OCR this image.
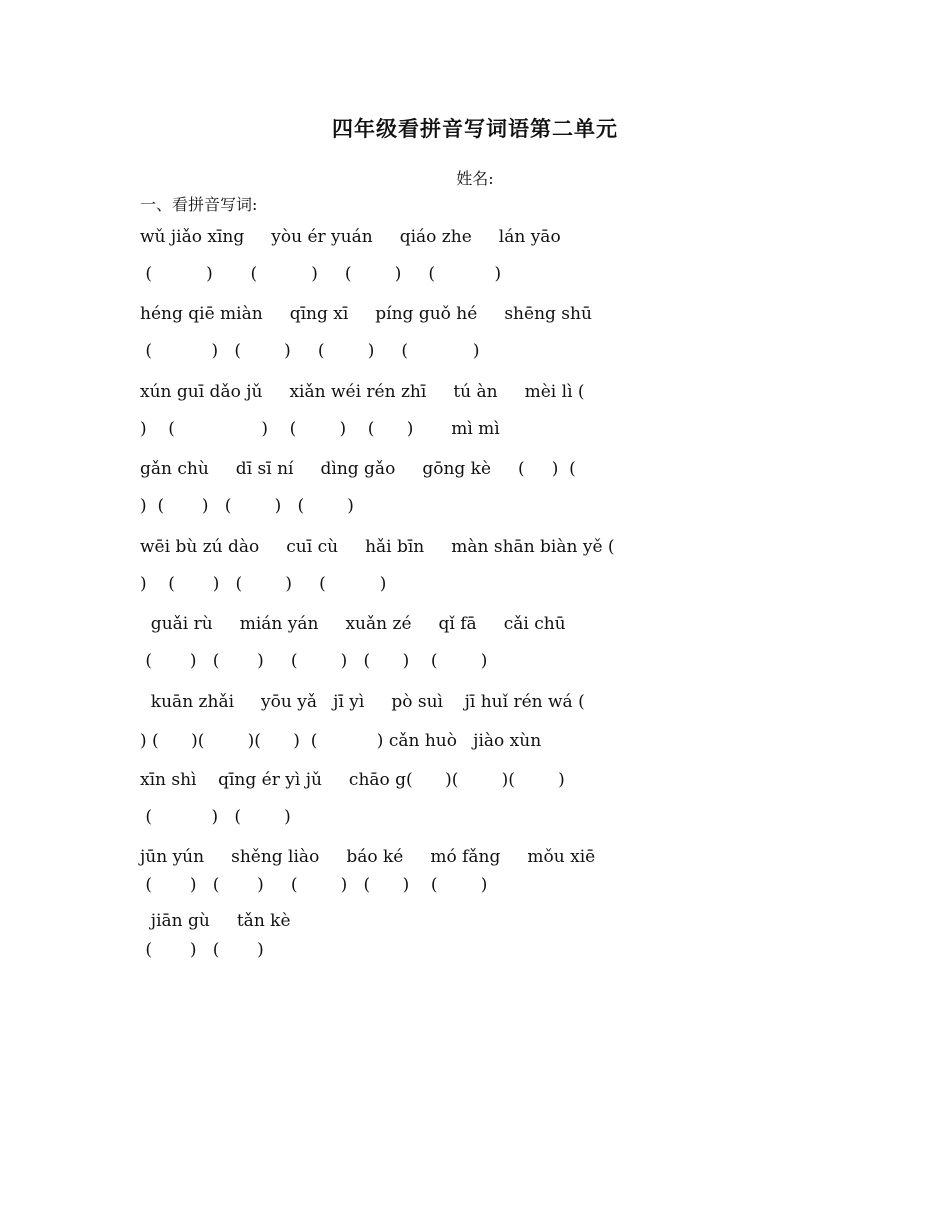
四年级看拼音写词语第二单元
姓名:
一、看拼音写词:
wǔ jiǎo xīng     yòu ér yuán     qiáo zhe     lán yāo
(          )       (          )     (        )     (           )
héng qiē miàn     qīng xī     píng guǒ hé     shēng shū
(           )   (        )     (        )     (            )
xún guī dǎo jǔ     xiǎn wéi rén zhī     tú àn     mèi lì (
)    (                )    (        )    (      )       mì mì
gǎn chù     dī sī ní     dìng gǎo     gōng kè     (     )  (
)  (       )   (        )   (        )
wēi bù zú dào     cuī cù     hǎi bīn     màn shān biàn yě (
)    (       )   (        )     (          )
guǎi rù     mián yán     xuǎn zé     qǐ fā     cǎi chū
(       )   (       )     (        )   (      )    (        )
kuān zhǎi     yōu yǎ   jī yì     pò suì    jī huǐ rén wá (
) (      )(        )(      )  (           ) cǎn huò   jiào xùn
xīn shì    qīng ér yì jǔ     chāo g(      )(        )(        )
(           )   (        )
jūn yún     shěng liào     báo ké     mó fǎng     mǒu xiē
(       )   (       )     (        )   (      )    (        )
jiān gù     tǎn kè
(       )   (       )
